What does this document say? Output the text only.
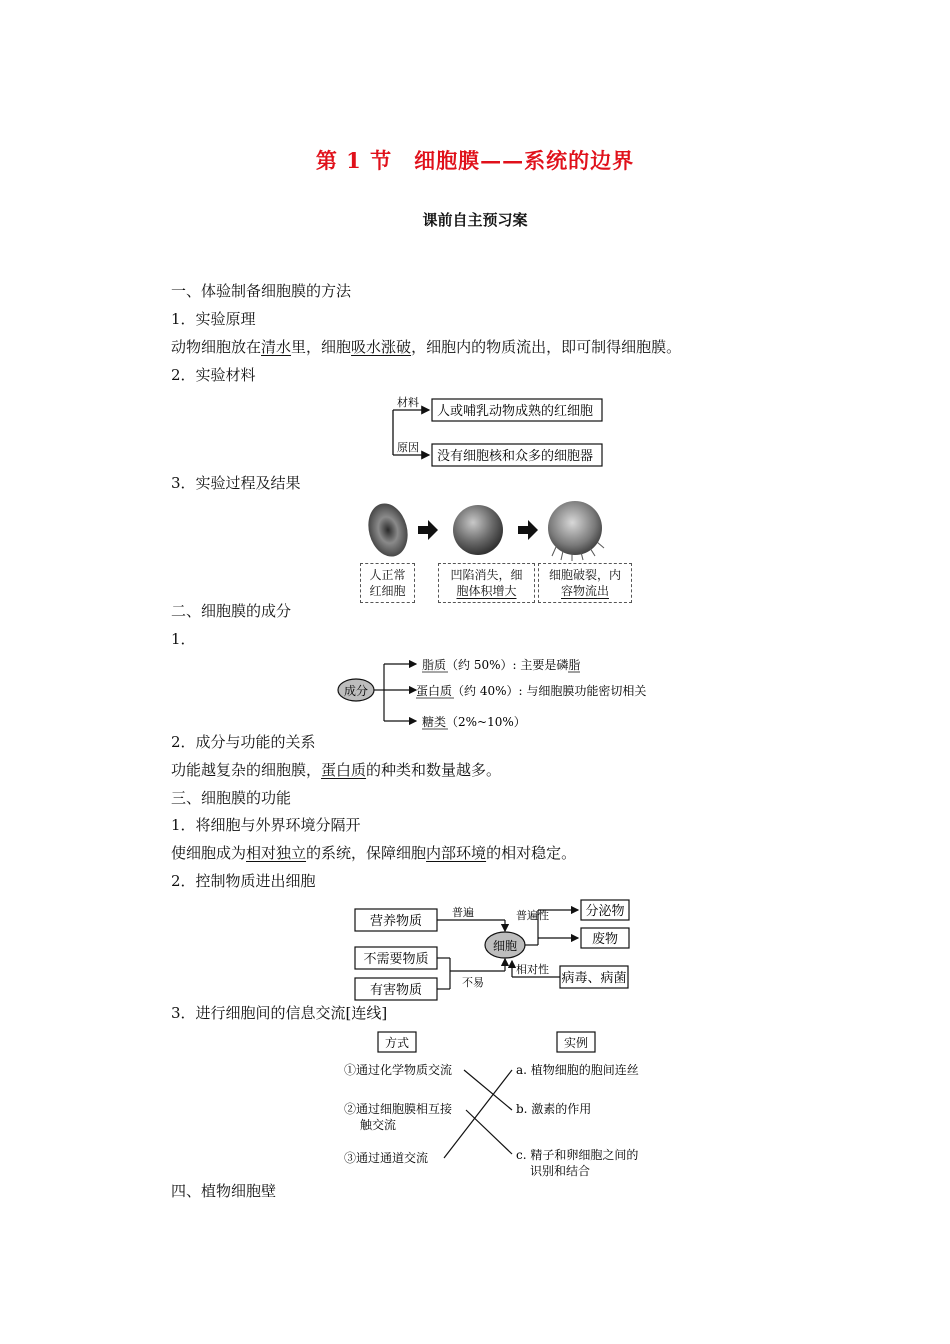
第 1 节　细胞膜——系统的边界
课前自主预习案
一、体验制备细胞膜的方法
1．实验原理
动物细胞放在清水里，细胞吸水涨破，细胞内的物质流出，即可制得细胞膜。
2．实验材料
材料
原因
人或哺乳动物成熟的红细胞
没有细胞核和众多的细胞器
3．实验过程及结果
人正常红细胞
凹陷消失，细
胞体积增大
细胞破裂，内
容物流出
二、细胞膜的成分
1．
成分
脂质（约 50%）: 主要是磷脂
蛋白质（约 40%）: 与细胞膜功能密切相关
糖类（2%~10%）
2．成分与功能的关系
功能越复杂的细胞膜，蛋白质的种类和数量越多。
三、细胞膜的功能
1．将细胞与外界环境分隔开
使细胞成为相对独立的系统，保障细胞内部环境的相对稳定。
2．控制物质进出细胞
营养物质
不需要物质
有害物质
细胞
普遍
不易
普遍性	分泌物
废物
病毒、病菌
相对性
3．进行细胞间的信息交流[连线]
方式	实例
①通过化学物质交流
②通过细胞膜相互接
触交流
③通过通道交流
a. 植物细胞的胞间连丝
b. 激素的作用
c. 精子和卵细胞之间的
识别和结合
四、植物细胞壁
